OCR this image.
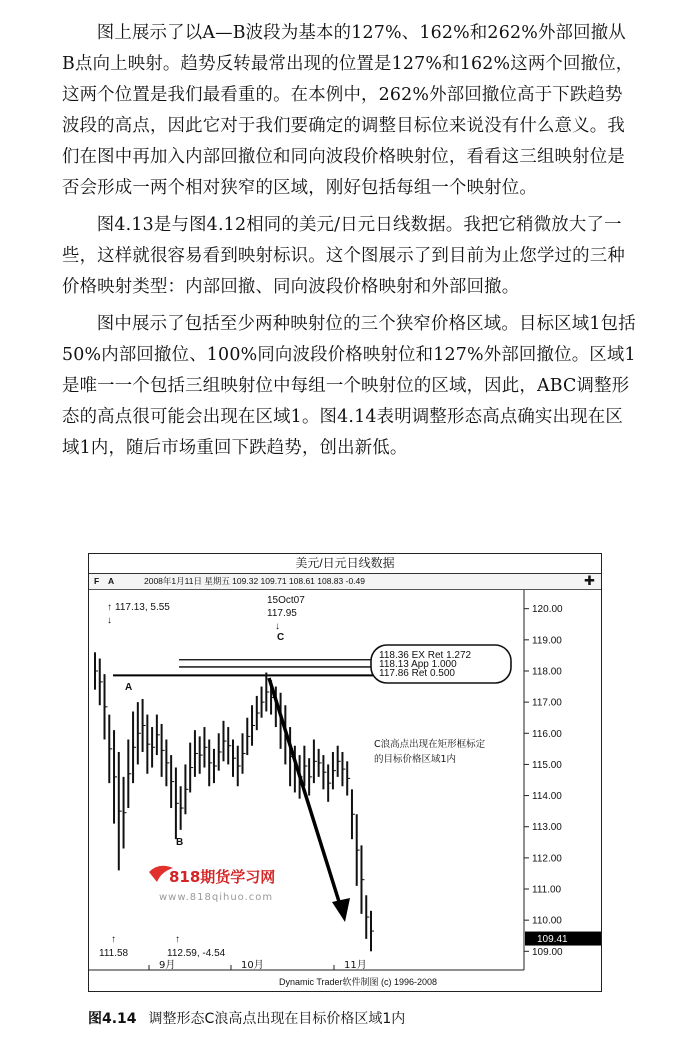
图上展示了以A—B波段为基本的127%、162%和262%外部回撤从B点向上映射。趋势反转最常出现的位置是127%和162%这两个回撤位，这两个位置是我们最看重的。在本例中，262%外部回撤位高于下跌趋势波段的高点，因此它对于我们要确定的调整目标位来说没有什么意义。我们在图中再加入内部回撤位和同向波段价格映射位，看看这三组映射位是否会形成一两个相对狭窄的区域，刚好包括每组一个映射位。

图4.13是与图4.12相同的美元/日元日线数据。我把它稍微放大了一些，这样就很容易看到映射标识。这个图展示了到目前为止您学过的三种价格映射类型：内部回撤、同向波段价格映射和外部回撤。

图中展示了包括至少两种映射位的三个狭窄价格区域。目标区域1包括50%内部回撤位、100%同向波段价格映射位和127%外部回撤位。区域1是唯一一个包括三组映射位中每组一个映射位的区域，因此，ABC调整形态的高点很可能会出现在区域1。图4.14表明调整形态高点确实出现在区域1内，随后市场重回下跌趋势，创出新低。

美元/日元日线数据
F A	2008年1月11日 星期五 109.32 109.71 108.61 108.83 -0.49	✚
120.00
119.00
118.00
117.00
116.00
115.00
114.00
113.00
112.00
111.00
110.00
109.00
9月	10月	11月
118.36 EX Ret 1.272
118.13 App 1.000
117.86 Ret 0.500
↑ 117.13, 5.55
↓
15Oct07
117.95
↓
C
A
B
C浪高点出现在矩形框标定
的目标价格区域1内
818期货学习网
www.818qihuo.com
↑
111.58
↑
112.59, -4.54
109.41
Dynamic Trader软件制图 (c) 1996-2008
图4.14 调整形态C浪高点出现在目标价格区域1内
